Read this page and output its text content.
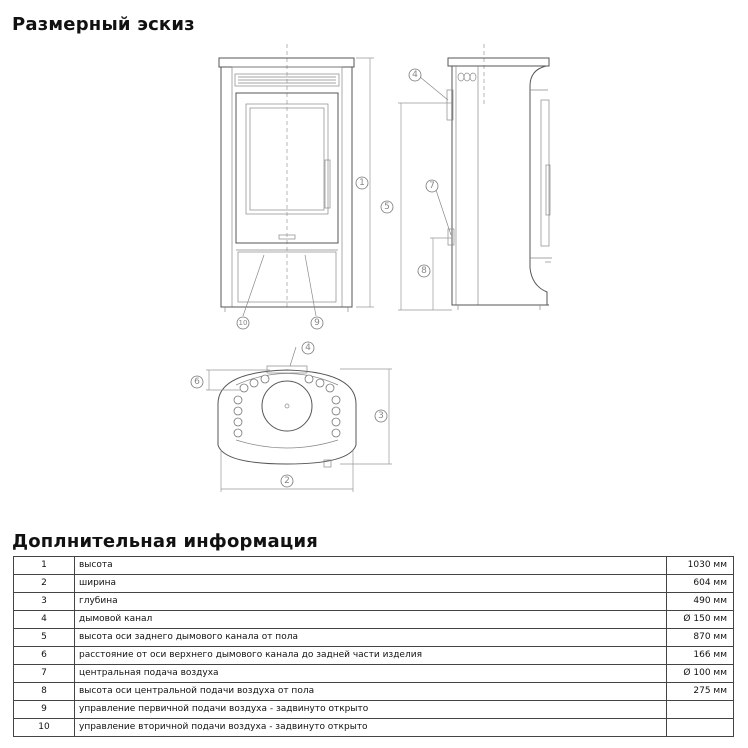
Размерный эскиз
1
2
3
4
4
5
6
7
8
9
10
Доплнительная информация
1	высота	1030 мм
2	ширина	604 мм
3	глубина	490 мм
4	дымовой канал	Ø 150 мм
5	высота оси заднего дымового канала от пола	870 мм
6	расстояние от оси верхнего дымового канала до задней части изделия	166 мм
7	центральная подача воздуха	Ø 100 мм
8	высота оси центральной подачи воздуха от пола	275 мм
9	управление первичной подачи воздуха - задвинуто открыто	
10	управление вторичной подачи воздуха - задвинуто открыто	
